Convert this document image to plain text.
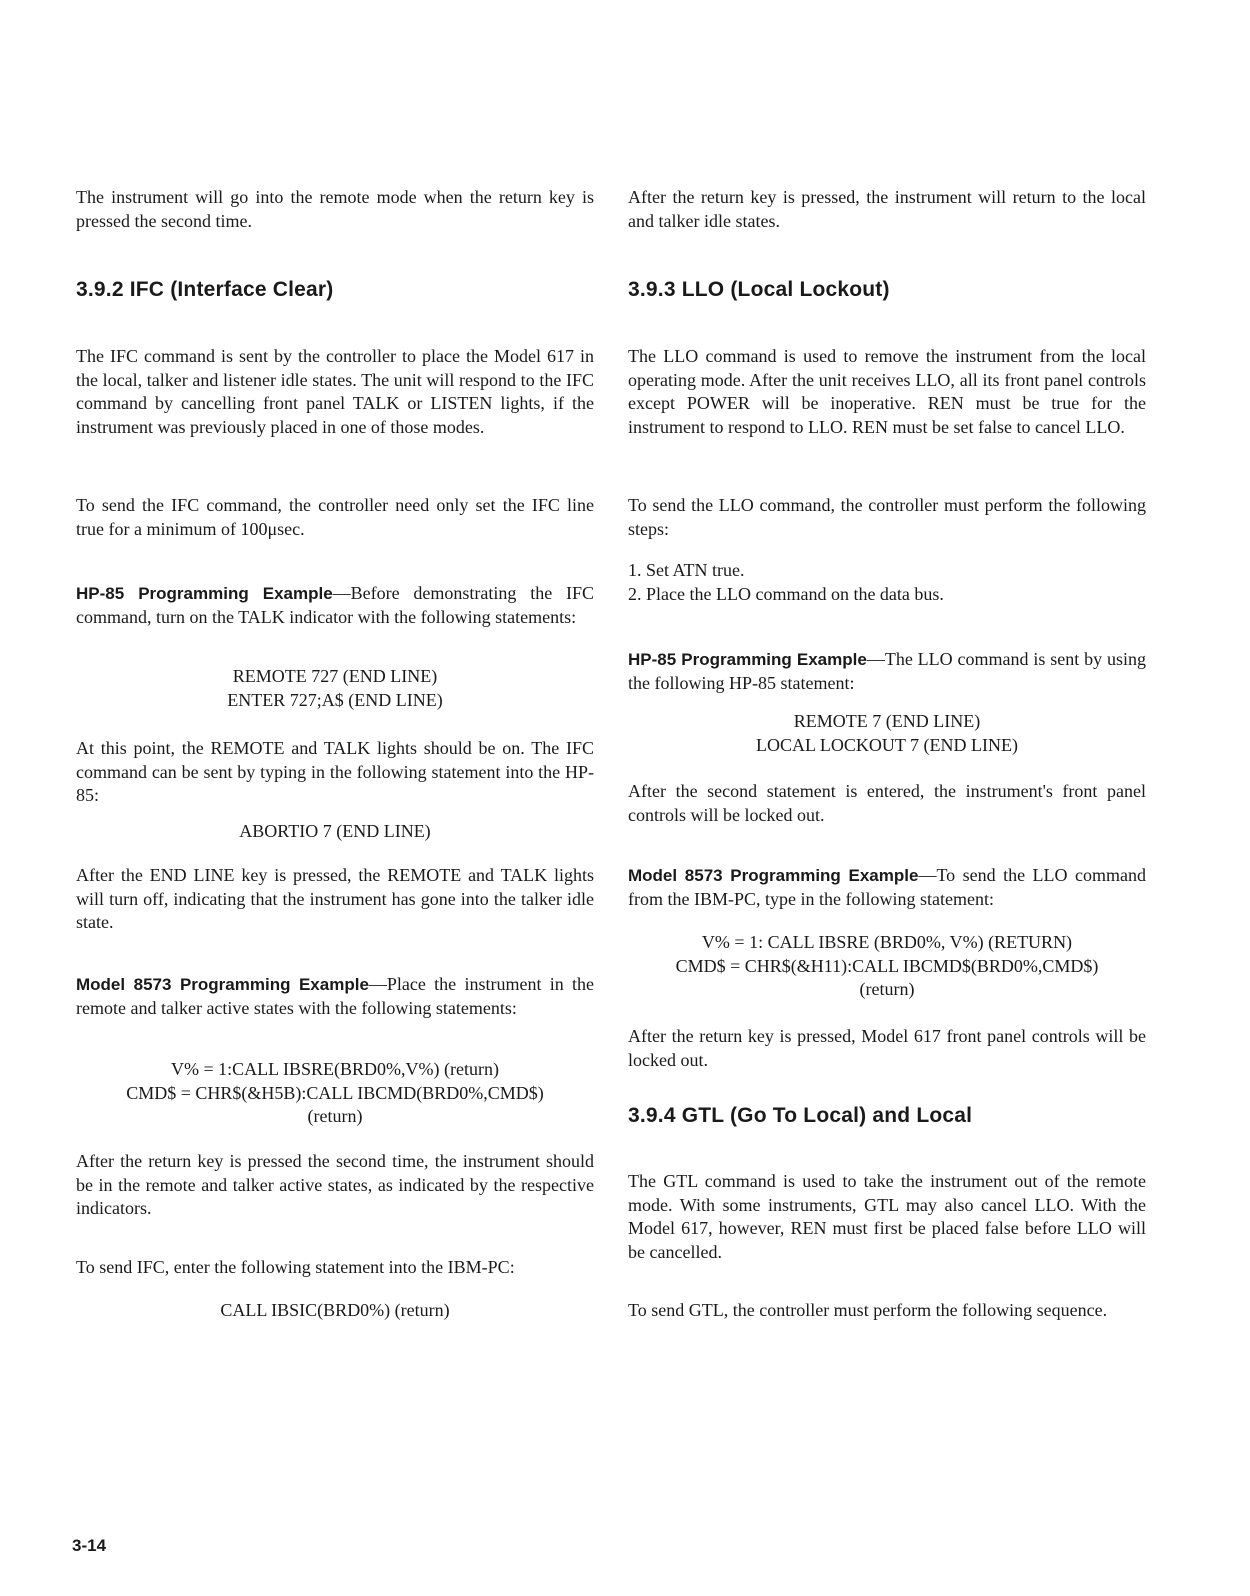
The instrument will go into the remote mode when the return key is pressed the second time.

3.9.2 IFC (Interface Clear)

The IFC command is sent by the controller to place the Model 617 in the local, talker and listener idle states. The unit will respond to the IFC command by cancelling front panel TALK or LISTEN lights, if the instrument was previously placed in one of those modes.

To send the IFC command, the controller need only set the IFC line true for a minimum of 100μsec.

HP-85 Programming Example—Before demonstrating the IFC command, turn on the TALK indicator with the following statements:

REMOTE 727 (END LINE)
ENTER 727;A$ (END LINE)

At this point, the REMOTE and TALK lights should be on. The IFC command can be sent by typing in the following statement into the HP-85:

ABORTIO 7 (END LINE)

After the END LINE key is pressed, the REMOTE and TALK lights will turn off, indicating that the instrument has gone into the talker idle state.

Model 8573 Programming Example—Place the instrument in the remote and talker active states with the following statements:

V% = 1:CALL IBSRE(BRD0%,V%) (return)
CMD$ = CHR$(&H5B):CALL IBCMD(BRD0%,CMD$)
(return)

After the return key is pressed the second time, the instrument should be in the remote and talker active states, as indicated by the respective indicators.

To send IFC, enter the following statement into the IBM-PC:

CALL IBSIC(BRD0%) (return)

After the return key is pressed, the instrument will return to the local and talker idle states.

3.9.3 LLO (Local Lockout)

The LLO command is used to remove the instrument from the local operating mode. After the unit receives LLO, all its front panel controls except POWER will be inoperative. REN must be true for the instrument to respond to LLO. REN must be set false to cancel LLO.

To send the LLO command, the controller must perform the following steps:

1. Set ATN true.
2. Place the LLO command on the data bus.

HP-85 Programming Example—The LLO command is sent by using the following HP-85 statement:

REMOTE 7 (END LINE)
LOCAL LOCKOUT 7 (END LINE)

After the second statement is entered, the instrument's front panel controls will be locked out.

Model 8573 Programming Example—To send the LLO command from the IBM-PC, type in the following statement:

V% = 1: CALL IBSRE (BRD0%, V%) (RETURN)
CMD$ = CHR$(&H11):CALL IBCMD$(BRD0%,CMD$)
(return)

After the return key is pressed, Model 617 front panel controls will be locked out.

3.9.4 GTL (Go To Local) and Local

The GTL command is used to take the instrument out of the remote mode. With some instruments, GTL may also cancel LLO. With the Model 617, however, REN must first be placed false before LLO will be cancelled.

To send GTL, the controller must perform the following sequence.

3-14
